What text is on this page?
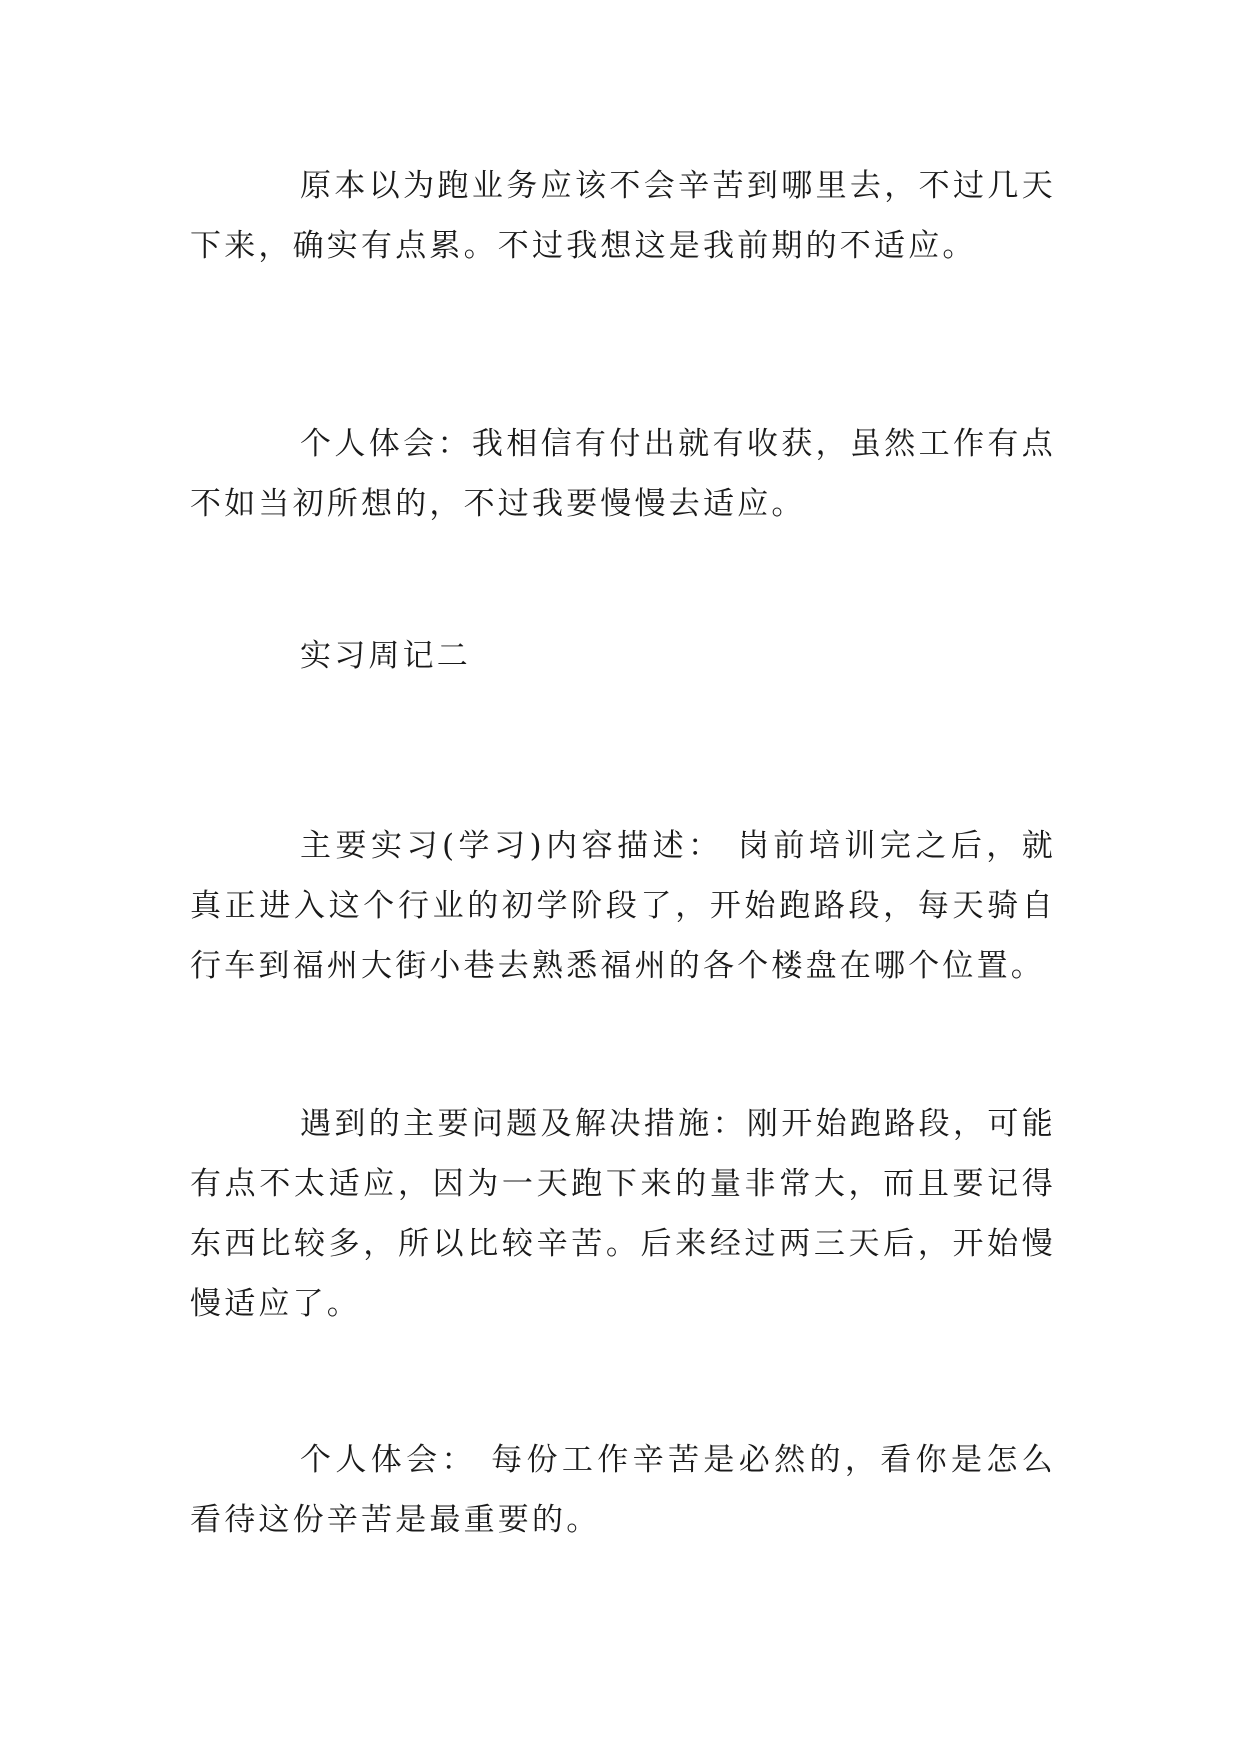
原本以为跑业务应该不会辛苦到哪里去，不过几天下来，确实有点累。不过我想这是我前期的不适应。

个人体会：我相信有付出就有收获，虽然工作有点不如当初所想的，不过我要慢慢去适应。

实习周记二

主要实习(学习)内容描述： 岗前培训完之后，就真正进入这个行业的初学阶段了，开始跑路段，每天骑自行车到福州大街小巷去熟悉福州的各个楼盘在哪个位置。

遇到的主要问题及解决措施：刚开始跑路段，可能有点不太适应，因为一天跑下来的量非常大，而且要记得东西比较多，所以比较辛苦。后来经过两三天后，开始慢慢适应了。

个人体会： 每份工作辛苦是必然的，看你是怎么看待这份辛苦是最重要的。
